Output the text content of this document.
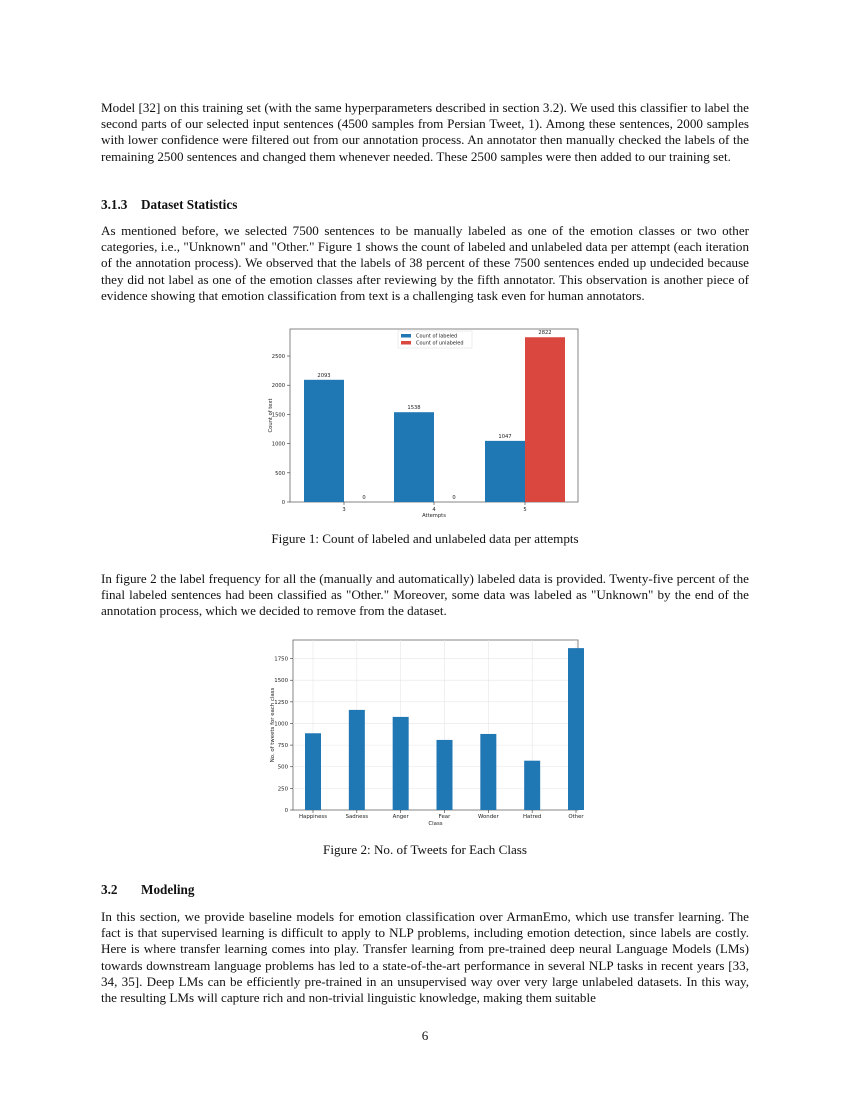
Model [32] on this training set (with the same hyperparameters described in section 3.2). We used this classifier to label the second parts of our selected input sentences (4500 samples from Persian Tweet, 1). Among these sentences, 2000 samples with lower confidence were filtered out from our annotation process. An annotator then manually checked the labels of the remaining 2500 sentences and changed them whenever needed. These 2500 samples were then added to our training set.

3.1.3 Dataset Statistics

As mentioned before, we selected 7500 sentences to be manually labeled as one of the emotion classes or two other categories, i.e., "Unknown" and "Other." Figure 1 shows the count of labeled and unlabeled data per attempt (each iteration of the annotation process). We observed that the labels of 38 percent of these 7500 sentences ended up undecided because they did not label as one of the emotion classes after reviewing by the fifth annotator. This observation is another piece of evidence showing that emotion classification from text is a challenging task even for human annotators.

0
500
1000
1500
2000
2500
3
2093
0
4
1538
0
5
1047
2822
Attempts
Count of text
Count of labeled
Count of unlabeled

Figure 1: Count of labeled and unlabeled data per attempts

In figure 2 the label frequency for all the (manually and automatically) labeled data is provided. Twenty-five percent of the final labeled sentences had been classified as "Other." Moreover, some data was labeled as "Unknown" by the end of the annotation process, which we decided to remove from the dataset.

0
250
500
750
1000
1250
1500
1750
Happiness	Sadness	Anger	Fear	Wonder	Hatred	Other
Class
No. of tweets for each class

Figure 2: No. of Tweets for Each Class

3.2 Modeling

In this section, we provide baseline models for emotion classification over ArmanEmo, which use transfer learning. The fact is that supervised learning is difficult to apply to NLP problems, including emotion detection, since labels are costly. Here is where transfer learning comes into play. Transfer learning from pre-trained deep neural Language Models (LMs) towards downstream language problems has led to a state-of-the-art performance in several NLP tasks in recent years [33, 34, 35]. Deep LMs can be efficiently pre-trained in an unsupervised way over very large unlabeled datasets. In this way, the resulting LMs will capture rich and non-trivial linguistic knowledge, making them suitable

6
